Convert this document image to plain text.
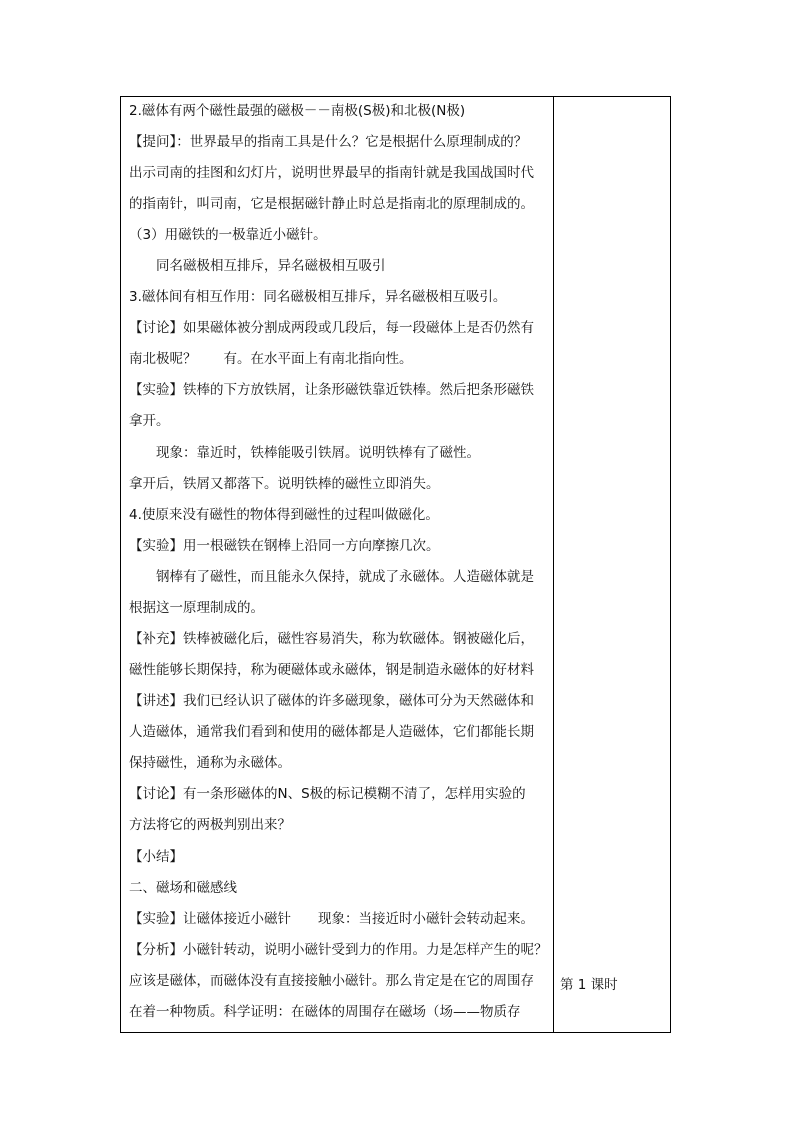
2.磁体有两个磁性最强的磁极－－南极(S极)和北极(N极)
【提问】：世界最早的指南工具是什么？它是根据什么原理制成的？
出示司南的挂图和幻灯片，说明世界最早的指南针就是我国战国时代
的指南针，叫司南，它是根据磁针静止时总是指南北的原理制成的。
（3）用磁铁的一极靠近小磁针。
同名磁极相互排斥，异名磁极相互吸引
3.磁体间有相互作用：同名磁极相互排斥，异名磁极相互吸引。
【讨论】如果磁体被分割成两段或几段后，每一段磁体上是否仍然有
南北极呢？　　有。在水平面上有南北指向性。
【实验】铁棒的下方放铁屑，让条形磁铁靠近铁棒。然后把条形磁铁
拿开。
现象：靠近时，铁棒能吸引铁屑。说明铁棒有了磁性。
拿开后，铁屑又都落下。说明铁棒的磁性立即消失。
4.使原来没有磁性的物体得到磁性的过程叫做磁化。
【实验】用一根磁铁在钢棒上沿同一方向摩擦几次。
钢棒有了磁性，而且能永久保持，就成了永磁体。人造磁体就是
根据这一原理制成的。
【补充】铁棒被磁化后，磁性容易消失，称为软磁体。钢被磁化后，
磁性能够长期保持，称为硬磁体或永磁体，钢是制造永磁体的好材料
【讲述】我们已经认识了磁体的许多磁现象，磁体可分为天然磁体和
人造磁体，通常我们看到和使用的磁体都是人造磁体，它们都能长期
保持磁性，通称为永磁体。
【讨论】有一条形磁体的N、S极的标记模糊不清了，怎样用实验的
方法将它的两极判别出来？
【小结】
二、磁场和磁感线
【实验】让磁体接近小磁针　　现象：当接近时小磁针会转动起来。
【分析】小磁针转动，说明小磁针受到力的作用。力是怎样产生的呢？
应该是磁体，而磁体没有直接接触小磁针。那么肯定是在它的周围存
在着一种物质。科学证明：在磁体的周围存在磁场（场——物质存
第 1 课时
